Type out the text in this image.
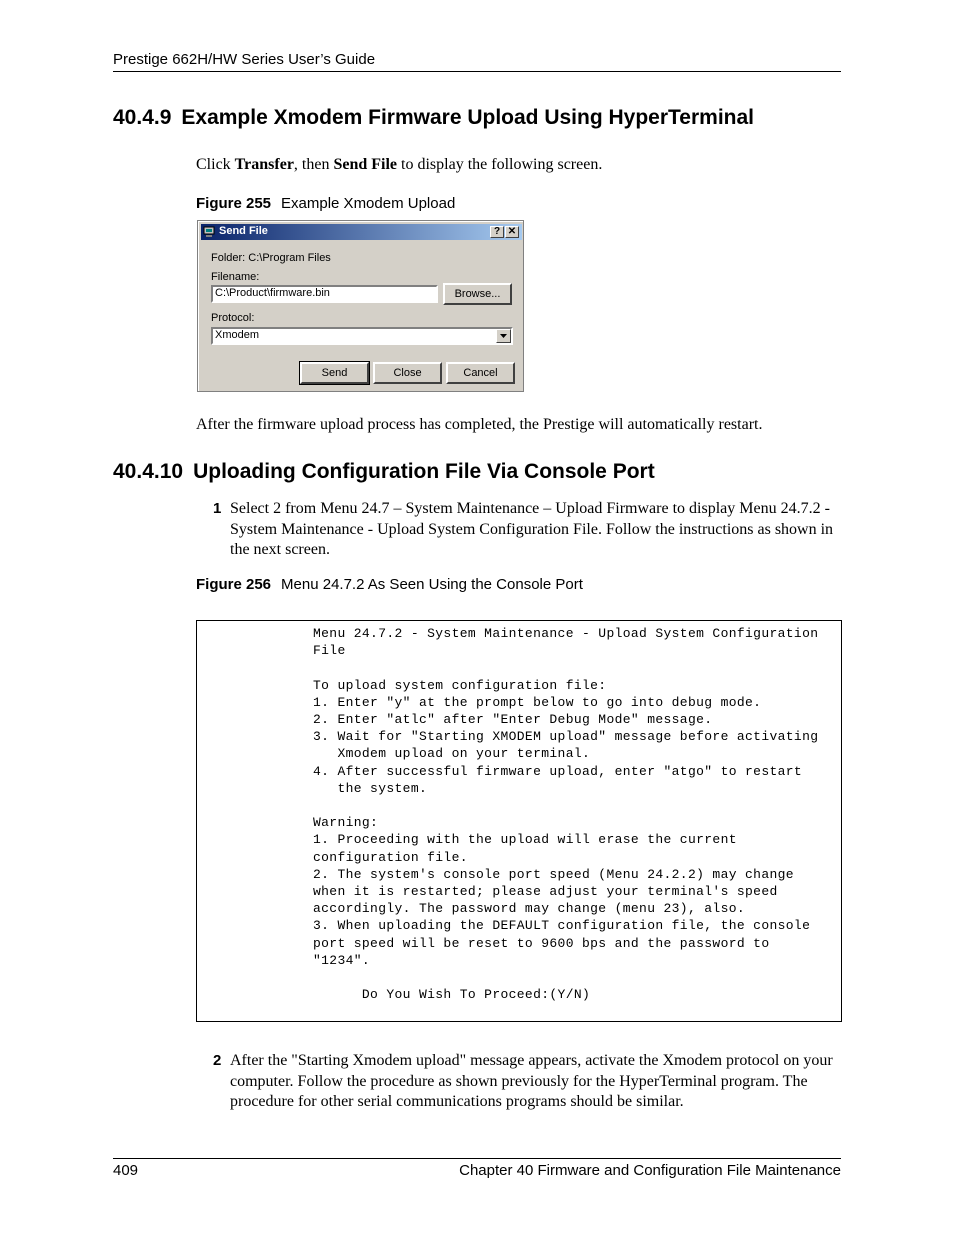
Prestige 662H/HW Series User’s Guide
40.4.9 Example Xmodem Firmware Upload Using HyperTerminal
Click Transfer, then Send File to display the following screen.
Figure 255 Example Xmodem Upload
Send File	? ✕
Folder: C:\Program Files
Filename:
C:\Product\firmware.bin	Browse...
Protocol:
Xmodem
Send	Close	Cancel
After the firmware upload process has completed, the Prestige will automatically restart.
40.4.10 Uploading Configuration File Via Console Port
1 Select 2 from Menu 24.7 – System Maintenance – Upload Firmware to display Menu 24.7.2 - System Maintenance - Upload System Configuration File. Follow the instructions as shown in the next screen.
Figure 256 Menu 24.7.2 As Seen Using the Console Port
Menu 24.7.2 - System Maintenance - Upload System Configuration
File

To upload system configuration file:
1. Enter "y" at the prompt below to go into debug mode.
2. Enter "atlc" after "Enter Debug Mode" message.
3. Wait for "Starting XMODEM upload" message before activating
Xmodem upload on your terminal.
4. After successful firmware upload, enter "atgo" to restart
the system.

Warning:
1. Proceeding with the upload will erase the current
configuration file.
2. The system's console port speed (Menu 24.2.2) may change
when it is restarted; please adjust your terminal's speed
accordingly. The password may change (menu 23), also.
3. When uploading the DEFAULT configuration file, the console
port speed will be reset to 9600 bps and the password to
"1234".

Do You Wish To Proceed:(Y/N)
2 After the "Starting Xmodem upload" message appears, activate the Xmodem protocol on your computer. Follow the procedure as shown previously for the HyperTerminal program. The procedure for other serial communications programs should be similar.
409	Chapter 40 Firmware and Configuration File Maintenance
